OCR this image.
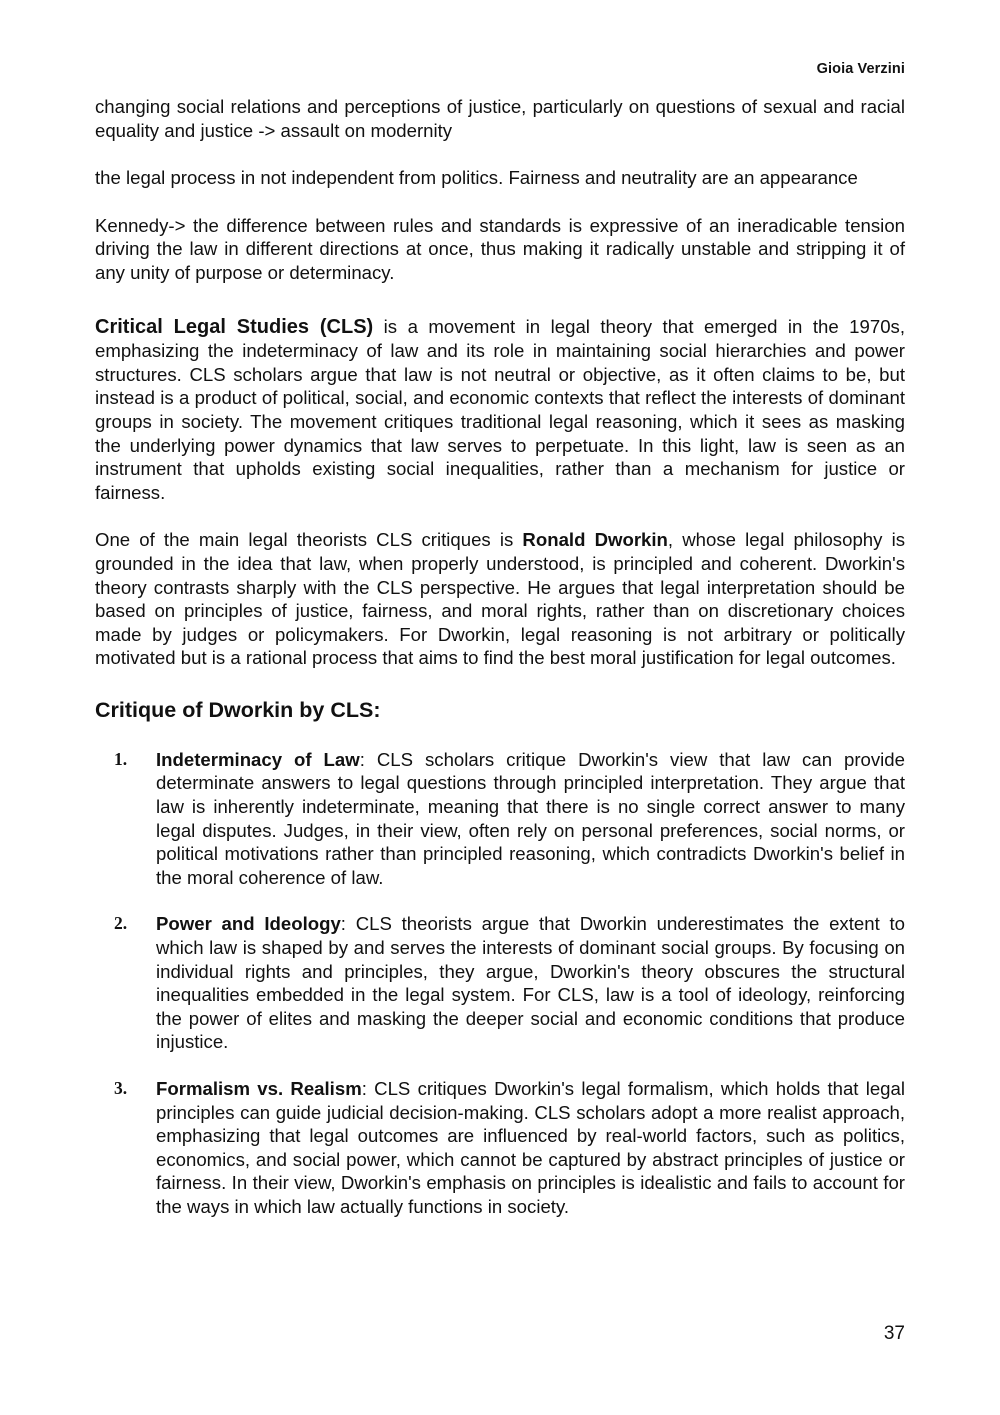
Gioia Verzini

changing social relations and perceptions of justice, particularly on questions of sexual and racial equality and justice -> assault on modernity

the legal process in not independent from politics. Fairness and neutrality are an appearance

Kennedy-> the difference between rules and standards is expressive of an ineradicable tension driving the law in different directions at once, thus making it radically unstable and stripping it of any unity of purpose or determinacy.

Critical Legal Studies (CLS) is a movement in legal theory that emerged in the 1970s, emphasizing the indeterminacy of law and its role in maintaining social hierarchies and power structures. CLS scholars argue that law is not neutral or objective, as it often claims to be, but instead is a product of political, social, and economic contexts that reflect the interests of dominant groups in society. The movement critiques traditional legal reasoning, which it sees as masking the underlying power dynamics that law serves to perpetuate. In this light, law is seen as an instrument that upholds existing social inequalities, rather than a mechanism for justice or fairness.

One of the main legal theorists CLS critiques is Ronald Dworkin, whose legal philosophy is grounded in the idea that law, when properly understood, is principled and coherent. Dworkin's theory contrasts sharply with the CLS perspective. He argues that legal interpretation should be based on principles of justice, fairness, and moral rights, rather than on discretionary choices made by judges or policymakers. For Dworkin, legal reasoning is not arbitrary or politically motivated but is a rational process that aims to find the best moral justification for legal outcomes.

Critique of Dworkin by CLS:
1. Indeterminacy of Law: CLS scholars critique Dworkin's view that law can provide determinate answers to legal questions through principled interpretation. They argue that law is inherently indeterminate, meaning that there is no single correct answer to many legal disputes. Judges, in their view, often rely on personal preferences, social norms, or political motivations rather than principled reasoning, which contradicts Dworkin's belief in the moral coherence of law.

2. Power and Ideology: CLS theorists argue that Dworkin underestimates the extent to which law is shaped by and serves the interests of dominant social groups. By focusing on individual rights and principles, they argue, Dworkin's theory obscures the structural inequalities embedded in the legal system. For CLS, law is a tool of ideology, reinforcing the power of elites and masking the deeper social and economic conditions that produce injustice.

3. Formalism vs. Realism: CLS critiques Dworkin's legal formalism, which holds that legal principles can guide judicial decision-making. CLS scholars adopt a more realist approach, emphasizing that legal outcomes are influenced by real-world factors, such as politics, economics, and social power, which cannot be captured by abstract principles of justice or fairness. In their view, Dworkin's emphasis on principles is idealistic and fails to account for the ways in which law actually functions in society.

37
